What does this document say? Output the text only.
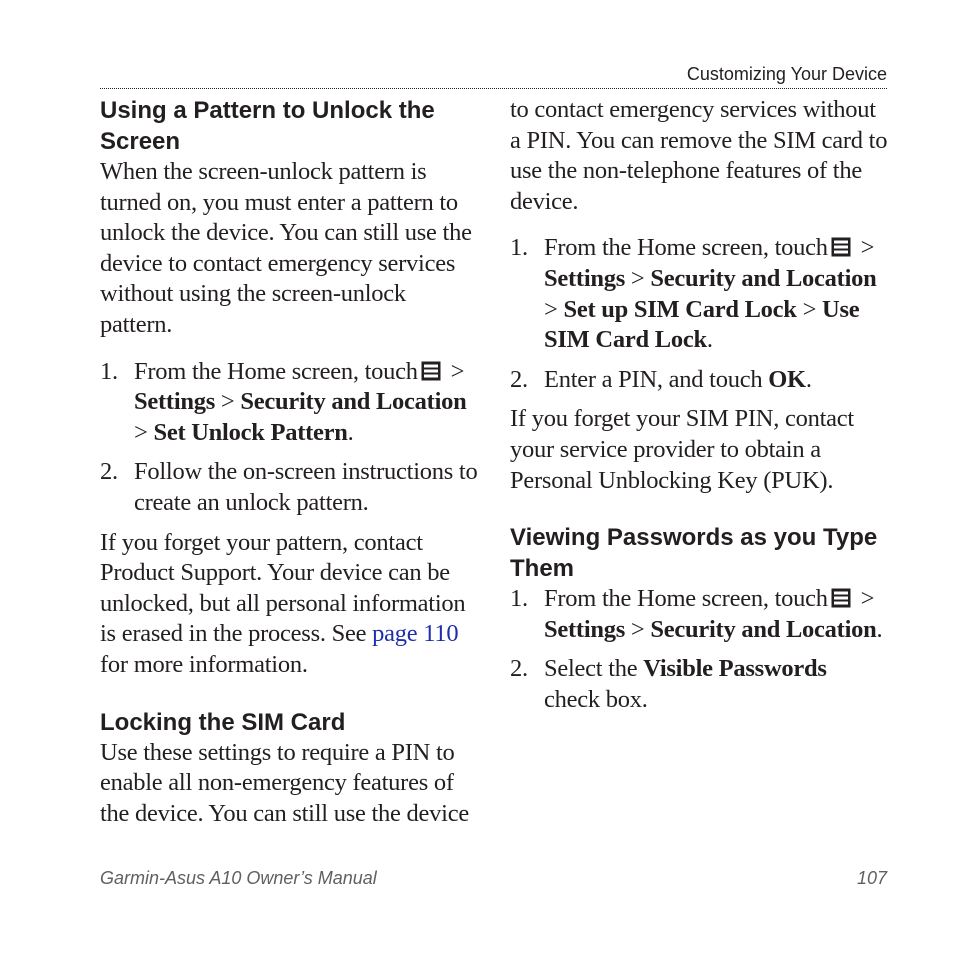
Customizing Your Device
Using a Pattern to Unlock the Screen

When the screen-unlock pattern is turned on, you must enter a pattern to unlock the device. You can still use the device to contact emergency services without using the screen-unlock pattern.

1. From the Home screen, touch > Settings > Security and Location > Set Unlock Pattern.
2. Follow the on-screen instructions to create an unlock pattern.

If you forget your pattern, contact Product Support. Your device can be unlocked, but all personal information is erased in the process. See page 110 for more information.

Locking the SIM Card

Use these settings to require a PIN to enable all non-emergency features of the device. You can still use the device

to contact emergency services without a PIN. You can remove the SIM card to use the non-telephone features of the device.

1. From the Home screen, touch > Settings > Security and Location > Set up SIM Card Lock > Use SIM Card Lock.
2. Enter a PIN, and touch OK.

If you forget your SIM PIN, contact your service provider to obtain a Personal Unblocking Key (PUK).

Viewing Passwords as you Type Them
1. From the Home screen, touch > Settings > Security and Location.
2. Select the Visible Passwords check box.
Garmin-Asus A10 Owner’s Manual	107
